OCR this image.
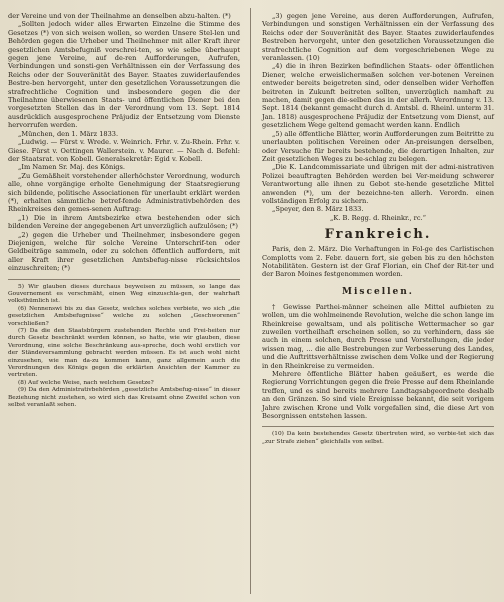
der Vereine und von der Theilnahme an denselben abzu-halten. (*)

„Sollten jedoch wider alles Erwarten Einzelne die Stimme des Gesetzes (*) von sich weisen wollen, so werden Unsere Stel-len und Behörden gegen die Urheber und Theilnehmer mit aller Kraft ihrer gesetzlichen Amtsbefugniß vorschrei-ten, so wie selbe überhaupt gegen jene Vereine, auf de-ren Aufforderungen, Aufrufen, Verbindungen und sonsti-gen Verhältnissen ein der Verfassung des Reichs oder der Souveränität des Bayer. Staates zuwiderlaufendes Bestre-ben hervorgeht, unter den gesetzlichen Voraussetzungen die strafrechtliche Cognition und insbesondere gegen die der Theilnahme überwiesenen Staats- und öffentlichen Diener bei den vorgesetzten Stellen das in der Verordnung vom 13. Sept. 1814 ausdrücklich ausgesprochene Präjudiz der Entsetzung vom Dienste hervorrufen werden.

„München, den 1. März 1833.

„Ludwig. — Fürst v. Wrede. v. Weinrich. Frhr. v. Zu-Rhein. Frhr. v. Giese. Fürst v. Oettingen Wallerstein. v. Maurer. — Nach d. Befehl: der Staatsrat. von Kobell. Generalsekretär: Egid v. Kobell.

„Im Namen Sr. Maj. des Königs.

„Zu Gemäßheit vorstehender allerhöchster Verordnung, wodurch alle, ohne vorgängige erholte Genehmigung der Staatsregierung sich bildende, politische Associationen für unerlaubt erklärt werden (*), erhalten sämmtliche betref-fende Administrativbehörden des Rheinkreises den gemes-senen Auftrag:

„1) Die in ihrem Amtsbezirke etwa bestehenden oder sich bildenden Vereine der angegebenen Art unverzüglich aufzulösen; (*)

„2) gegen die Urheber und Theilnehmer, insbesondere gegen Diejenigen, welche für solche Vereine Unterschrif-ten oder Geldbeiträge sammeln, oder zu solchen öffentlich auffordern, mit aller Kraft ihrer gesetzlichen Amtsbefug-nisse rücksichtslos einzuschreiten; (*)

5) Wir glauben dieses durchaus beyweisen zu müssen, so lange das Gouvernement es verschmäht, einen Weg einzuschla-gen, der wahrhaft volksthümlich ist.

(6) Nennenswi bis zu das Gesetz, welches solches verbiete, wo sich „die gesetzlichen Amtsbefugnisse“ welche zu solchen „Geschworenen“ vorschließen?

(7) Da die den Staatsbürgern zustehenden Rechte und Frei-heiten nur durch Gesetz beschränkt werden können, so hatte, wie wir glauben, diese Verordnung, eine solche Beschränkung aus-spreche, doch wohl erstlich vor der Ständeversammlung gebracht werden müssen. Es ist auch wohl nicht einzusehen, wie man da-zu kommen kann, ganz allgemein auch die Verordnungen des Königs gegen die erklärten Ansichten der Kammer zu vertreten.

(8) Auf welche Weise, nach welchem Gesetze?

(9) Da den Administrativbehörden „gesetzliche Amtsbefug-nisse“ in dieser Beziehung nicht zustehen, so wird sich das Kreisamt ohne Zweifel schon von selbst veranlaßt sehen.

„3) gegen jene Vereine, aus deren Aufforderungen, Aufrufen, Verbindungen und sonstigen Verhältnissen ein der Verfassung des Reichs oder der Souveränität des Bayer. Staates zuwiderlaufendes Bestreben hervorgeht, unter den gesetzlichen Voraussetzungen die strafrechtliche Cognition auf dem vorgeschriebenen Wege zu veranlassen. (10)

„4) die in ihren Bezirken befindlichen Staats- oder öffentlichen Diener, welche erweislichermaßen solchen ver-botenen Vereinen entweder bereits beigetreten sind, oder denselben wider Verhoffen beitreten in Zukunft beitreten sollten, unverzüglich namhaft zu machen, damit gegen die-selben das in der allerh. Verordnung v. 13. Sept. 1814 (bekannt gemacht durch d. Amtsbl. d. Rheinl. unterm 31. Jan. 1818) ausgesprochene Präjudiz der Entsetzung vom Dienst, auf gesetzlichem Wege geltend gemacht werden kann. Endlich

„5) alle öffentliche Blätter, worin Aufforderungen zum Beitritte zu unerlaubten politischen Vereinen oder An-preisungen derselben, oder Versuche für bereits bestehende, die derartigen Inhalten, zur Zeit gesetzlichen Weges zu be-schlag zu belegen.

„Die K. Landcommissariate und übrigen mit der admi-nistrativen Polizei beauftragten Behörden werden bei Ver-meidung schwerer Verantwortung alle ihnen zu Gebot ste-hende gesetzliche Mittel anwenden (*), um der bezeichne-ten allerh. Verordn. einen vollständigen Erfolg zu sichern.

„Speyer, den 8. März 1833.

„K. B. Regg. d. Rheinkr., rc.“

Frankreich.

Paris, den 2. März. Die Verhaftungen in Fol-ge des Carlistischen Complotts vom 2. Febr. dauern fort, sie geben bis zu den höchsten Notabilitäten. Gestern ist der Graf Florian, ein Chef der Rit-ter und der Baron Moines festgenommen worden.

Miscellen.

† Gewisse Parthei-männer scheinen alle Mittel aufbieten zu wollen, um die wohlmeinende Revolution, welche die schon lange im Rheinkreise gewaltsam, und als politische Wettermacher so gar zuweilen vortheilhaft erscheinen sollen, so zu verhindern, dass sie auch in einem solchen, durch Presse und Vorstellungen, die jeder wissen mag, ... die alle Bestrebungen zur Verbesserung des Landes, und die Auftrittsverhältnisse zwischen dem Volke und der Regierung in den Rheinkreise zu vermeiden.

Mehrere öffentliche Blätter haben geäußert, es werde die Regierung Vorrichtungen gegen die freie Presse auf dem Rheinlande treffen, und es sind bereits mehrere Landtagsabgeordnete deshalb an den Gränzen. So sind viele Ereignisse bekannt, die seit vorigem Jahre zwischen Krone und Volk vorgefallen sind, die diese Art von Besorgnissen entstehen lassen.

(10) Da kein bestehendes Gesetz übertreten wird, so verbie-tet sich das „zur Strafe ziehen“ gleichfalls von selbst.
